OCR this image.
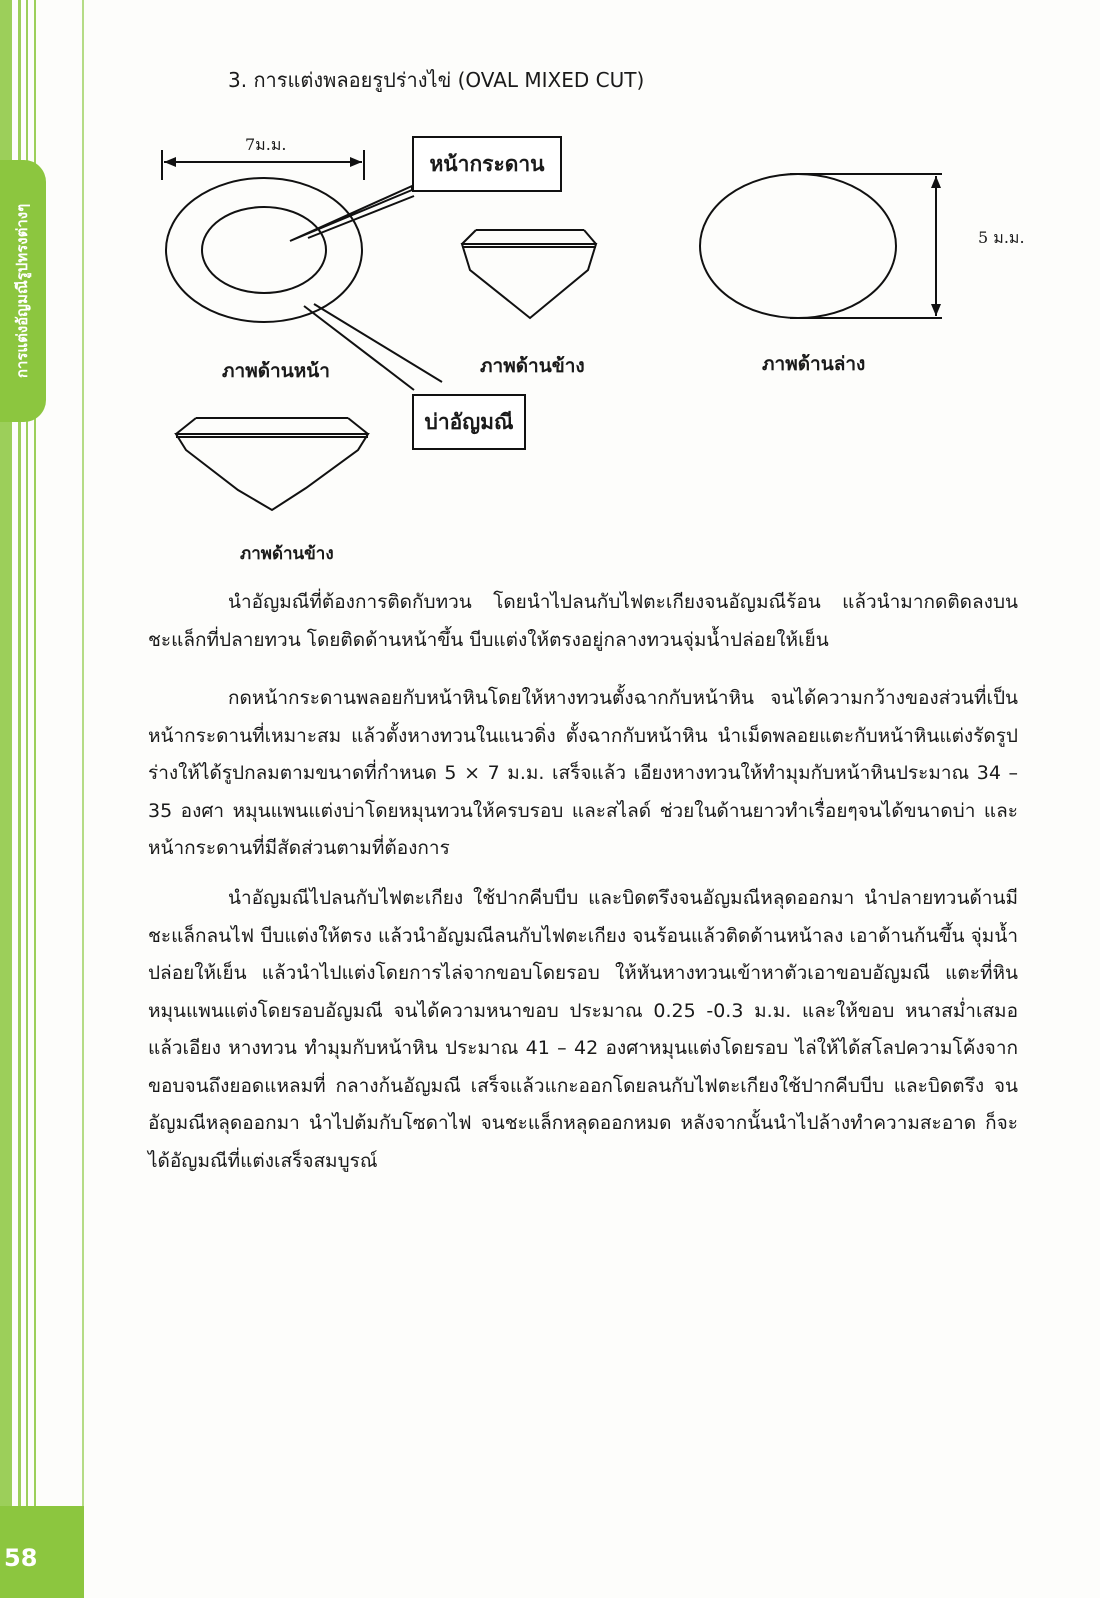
การแต่งอัญมณีรูปทรงต่างๆ
58
3. การแต่งพลอยรูปร่างไข่ (OVAL MIXED CUT)
7ม.ม.
หน้ากระดาน
บ่าอัญมณี
ภาพด้านหน้า	ภาพด้านข้าง	ภาพด้านล่าง
5 ม.ม.
ภาพด้านข้าง

นำอัญมณีที่ต้องการติดกับทวน โดยนำไปลนกับไฟตะเกียงจนอัญมณีร้อน แล้วนำมากดติดลงบนชะแล็กที่ปลายทวน โดยติดด้านหน้าขึ้น บีบแต่งให้ตรงอยู่กลางทวนจุ่มน้ำปล่อยให้เย็น

กดหน้ากระดานพลอยกับหน้าหินโดยให้หางทวนตั้งฉากกับหน้าหิน จนได้ความกว้างของส่วนที่เป็นหน้ากระดานที่เหมาะสม แล้วตั้งหางทวนในแนวดิ่ง ตั้งฉากกับหน้าหิน นำเม็ดพลอยแตะกับหน้าหินแต่งรัดรูปร่างให้ได้รูปกลมตามขนาดที่กำหนด 5 × 7 ม.ม. เสร็จแล้ว เอียงหางทวนให้ทำมุมกับหน้าหินประมาณ 34 – 35 องศา หมุนแพนแต่งบ่าโดยหมุนทวนให้ครบรอบ และสไลด์ ช่วยในด้านยาวทำเรื่อยๆจนได้ขนาดบ่า และหน้ากระดานที่มีสัดส่วนตามที่ต้องการ

นำอัญมณีไปลนกับไฟตะเกียง ใช้ปากคีบบีบ และบิดตรึงจนอัญมณีหลุดออกมา นำปลายทวนด้านมีชะแล็กลนไฟ บีบแต่งให้ตรง แล้วนำอัญมณีลนกับไฟตะเกียง จนร้อนแล้วติดด้านหน้าลง เอาด้านก้นขึ้น จุ่มน้ำ ปล่อยให้เย็น แล้วนำไปแต่งโดยการไล่จากขอบโดยรอบ ให้หันหางทวนเข้าหาตัวเอาขอบอัญมณี แตะที่หิน หมุนแพนแต่งโดยรอบอัญมณี จนได้ความหนาขอบ ประมาณ 0.25 -0.3 ม.ม. และให้ขอบ หนาสม่ำเสมอ แล้วเอียง หางทวน ทำมุมกับหน้าหิน ประมาณ 41 – 42 องศาหมุนแต่งโดยรอบ ไล่ให้ได้สโลปความโค้งจากขอบจนถึงยอดแหลมที่ กลางก้นอัญมณี เสร็จแล้วแกะออกโดยลนกับไฟตะเกียงใช้ปากคีบบีบ และบิดตรึง จน อัญมณีหลุดออกมา นำไปต้มกับโซดาไฟ จนชะแล็กหลุดออกหมด หลังจากนั้นนำไปล้างทำความสะอาด ก็จะได้อัญมณีที่แต่งเสร็จสมบูรณ์
